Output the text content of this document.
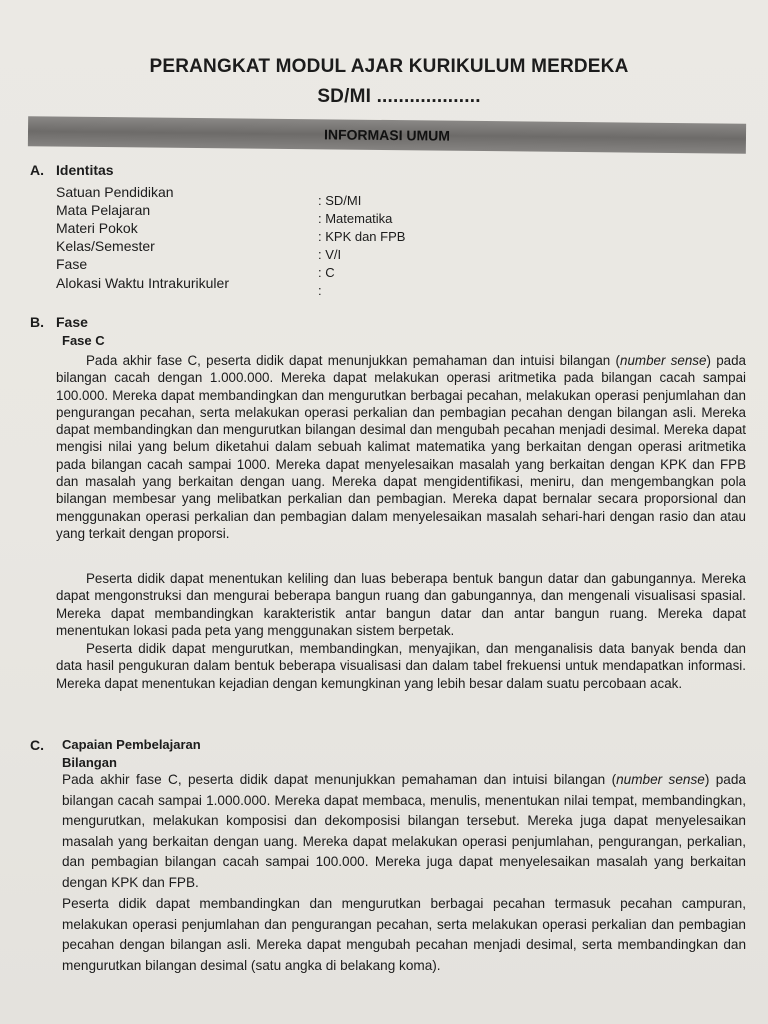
PERANGKAT MODUL AJAR KURIKULUM MERDEKA
SD/MI ...................
INFORMASI UMUM
A. Identitas
Satuan Pendidikan
Mata Pelajaran
Materi Pokok
Kelas/Semester
Fase
Alokasi Waktu Intrakurikuler
: SD/MI
: Matematika
: KPK dan FPB
: V/I
: C
:
B. Fase
Fase C

Pada akhir fase C, peserta didik dapat menunjukkan pemahaman dan intuisi bilangan (number sense) pada bilangan cacah dengan 1.000.000. Mereka dapat melakukan operasi aritmetika pada bilangan cacah sampai 100.000. Mereka dapat membandingkan dan mengurutkan berbagai pecahan, melakukan operasi penjumlahan dan pengurangan pecahan, serta melakukan operasi perkalian dan pembagian pecahan dengan bilangan asli. Mereka dapat membandingkan dan mengurutkan bilangan desimal dan mengubah pecahan menjadi desimal. Mereka dapat mengisi nilai yang belum diketahui dalam sebuah kalimat matematika yang berkaitan dengan operasi aritmetika pada bilangan cacah sampai 1000. Mereka dapat menyelesaikan masalah yang berkaitan dengan KPK dan FPB dan masalah yang berkaitan dengan uang. Mereka dapat mengidentifikasi, meniru, dan mengembangkan pola bilangan membesar yang melibatkan perkalian dan pembagian. Mereka dapat bernalar secara proporsional dan menggunakan operasi perkalian dan pembagian dalam menyelesaikan masalah sehari-hari dengan rasio dan atau yang terkait dengan proporsi.

Peserta didik dapat menentukan keliling dan luas beberapa bentuk bangun datar dan gabungannya. Mereka dapat mengonstruksi dan mengurai beberapa bangun ruang dan gabungannya, dan mengenali visualisasi spasial. Mereka dapat membandingkan karakteristik antar bangun datar dan antar bangun ruang. Mereka dapat menentukan lokasi pada peta yang menggunakan sistem berpetak.

Peserta didik dapat mengurutkan, membandingkan, menyajikan, dan menganalisis data banyak benda dan data hasil pengukuran dalam bentuk beberapa visualisasi dan dalam tabel frekuensi untuk mendapatkan informasi. Mereka dapat menentukan kejadian dengan kemungkinan yang lebih besar dalam suatu percobaan acak.

C. Capaian Pembelajaran
Bilangan

Pada akhir fase C, peserta didik dapat menunjukkan pemahaman dan intuisi bilangan (number sense) pada bilangan cacah sampai 1.000.000. Mereka dapat membaca, menulis, menentukan nilai tempat, membandingkan, mengurutkan, melakukan komposisi dan dekomposisi bilangan tersebut. Mereka juga dapat menyelesaikan masalah yang berkaitan dengan uang. Mereka dapat melakukan operasi penjumlahan, pengurangan, perkalian, dan pembagian bilangan cacah sampai 100.000. Mereka juga dapat menyelesaikan masalah yang berkaitan dengan KPK dan FPB.

Peserta didik dapat membandingkan dan mengurutkan berbagai pecahan termasuk pecahan campuran, melakukan operasi penjumlahan dan pengurangan pecahan, serta melakukan operasi perkalian dan pembagian pecahan dengan bilangan asli. Mereka dapat mengubah pecahan menjadi desimal, serta membandingkan dan mengurutkan bilangan desimal (satu angka di belakang koma).
